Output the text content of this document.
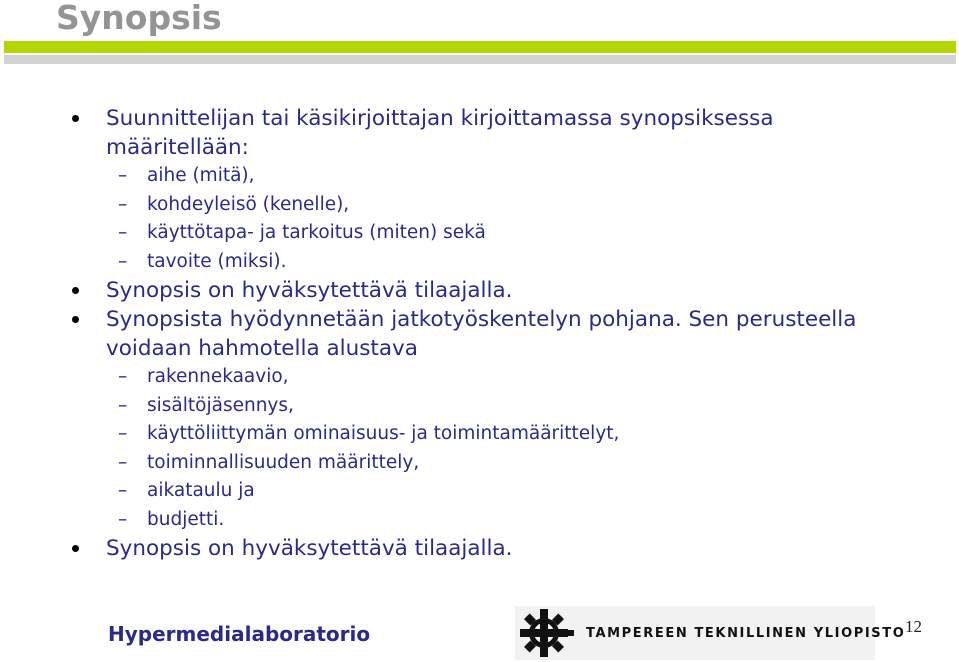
Synopsis
Suunnittelijan tai käsikirjoittajan kirjoittamassa synopsiksessa määritellään:
– aihe (mitä),
– kohdeyleisö (kenelle),
– käyttötapa- ja tarkoitus (miten) sekä
– tavoite (miksi).
Synopsis on hyväksytettävä tilaajalla.
Synopsista hyödynnetään jatkotyöskentelyn pohjana. Sen perusteella voidaan hahmotella alustava
– rakennekaavio,
– sisältöjäsennys,
– käyttöliittymän ominaisuus- ja toimintamäärittelyt,
– toiminnallisuuden määrittely,
– aikataulu ja
– budjetti.
Synopsis on hyväksytettävä tilaajalla.
Hypermedialaboratorio	TAMPEREEN TEKNILLINEN YLIOPISTO 12
